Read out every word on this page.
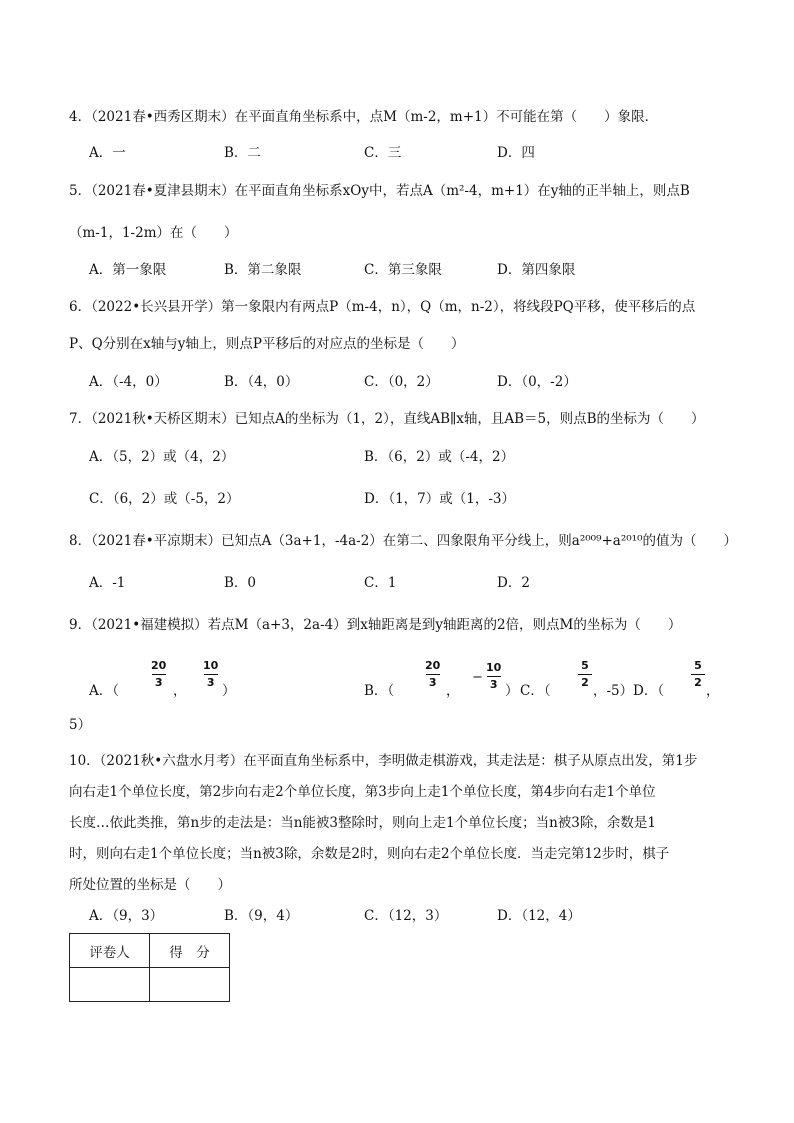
4．（2021春•西秀区期末）在平面直角坐标系中，点M（m-2，m+1）不可能在第（　　）象限．
A．一	B．二	C．三	D．四
5．（2021春•夏津县期末）在平面直角坐标系xOy中，若点A（m²-4，m+1）在y轴的正半轴上，则点B
（m-1，1-2m）在（　　）
A．第一象限	B．第二象限	C．第三象限	D．第四象限
6．（2022•长兴县开学）第一象限内有两点P（m-4，n），Q（m，n-2），将线段PQ平移，使平移后的点
P、Q分别在x轴与y轴上，则点P平移后的对应点的坐标是（　　）
A．（-4，0）	B．（4，0）	C．（0，2）	D．（0，-2）
7．（2021秋•天桥区期末）已知点A的坐标为（1，2），直线AB∥x轴，且AB＝5，则点B的坐标为（　　）
A．（5，2）或（4，2）	B．（6，2）或（-4，2）
C．（6，2）或（-5，2）	D．（1，7）或（1，-3）
8．（2021春•平凉期末）已知点A（3a+1，-4a-2）在第二、四象限角平分线上，则a²⁰⁰⁹+a²⁰¹⁰的值为（　　）
A．-1	B．0	C．1	D．2
9．（2021•福建模拟）若点M（a+3，2a-4）到x轴距离是到y轴距离的2倍，则点M的坐标为（　　）
A．（
20
3
，
10
3
）	B．（
20
3
，
−
10
3 ） C．（
5
2
，-5） D．（
5
2
，
5）
10．（2021秋•六盘水月考）在平面直角坐标系中，李明做走棋游戏，其走法是：棋子从原点出发，第1步
向右走1个单位长度，第2步向右走2个单位长度，第3步向上走1个单位长度，第4步向右走1个单位
长度…依此类推，第n步的走法是：当n能被3整除时，则向上走1个单位长度；当n被3除，余数是1
时，则向右走1个单位长度；当n被3除，余数是2时，则向右走2个单位长度．当走完第12步时，棋子
所处位置的坐标是（　　）
A．（9，3）	B．（9，4）	C．（12，3）	D．（12，4）
评卷人	得　分
